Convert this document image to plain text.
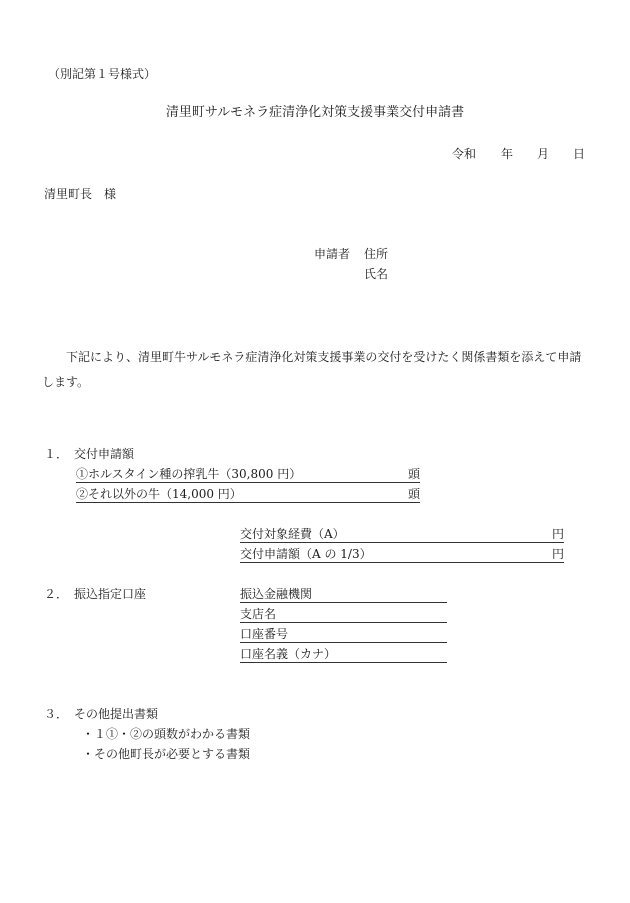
（別記第１号様式）
清里町サルモネラ症清浄化対策支援事業交付申請書
令和 年 月 日
清里町長　様
申請者 住所
氏名
下記により、清里町牛サルモネラ症清浄化対策支援事業の交付を受けたく関係書類を添えて申請します。
１．　交付申請額
①ホルスタイン種の搾乳牛（30,800 円）	頭
②それ以外の牛（14,000 円）	頭
交付対象経費（A）	円
交付申請額（A の 1/3）	円
２．　振込指定口座	振込金融機関
支店名
口座番号
口座名義（カナ）
３．　その他提出書類
・１①・②の頭数がわかる書類
・その他町長が必要とする書類
